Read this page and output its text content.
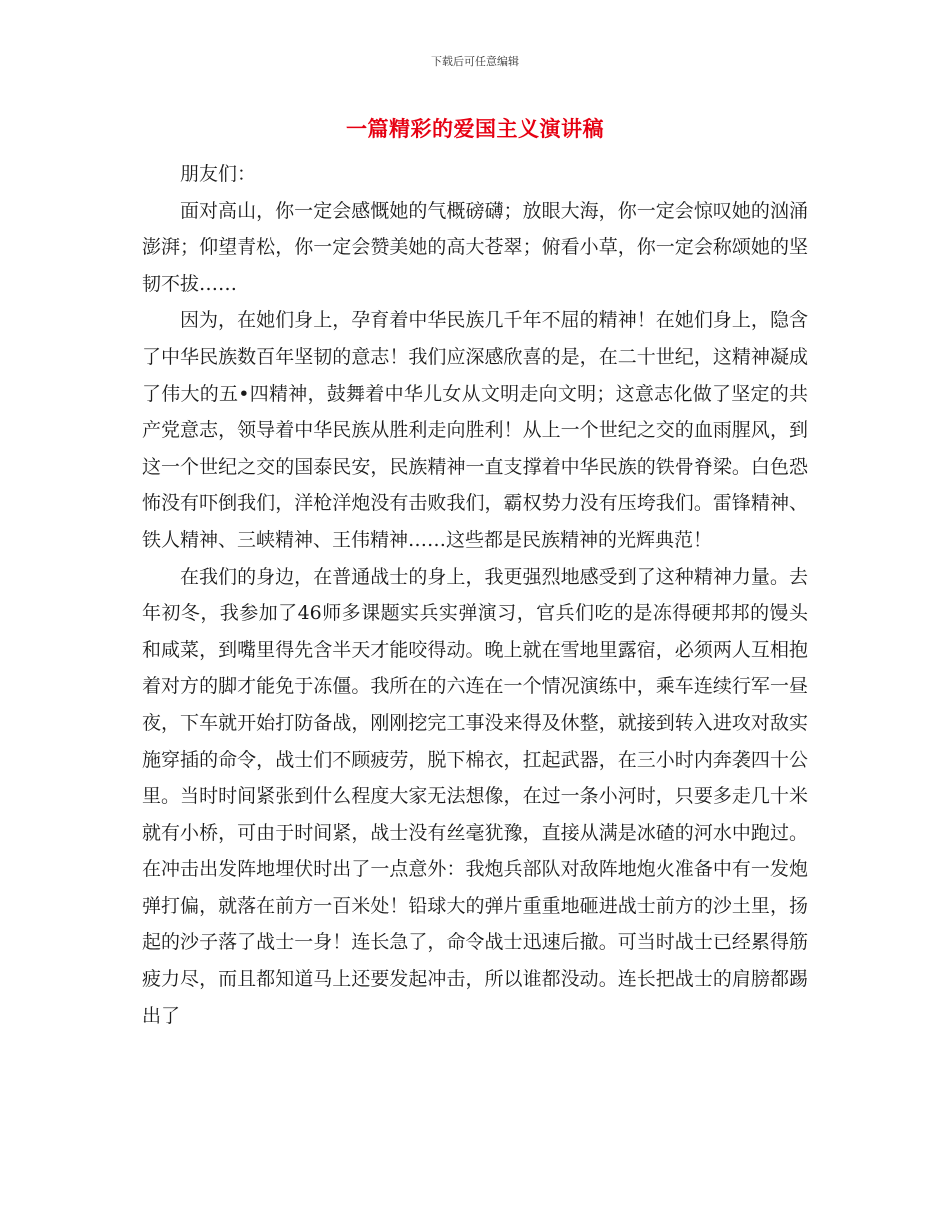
下载后可任意编辑
一篇精彩的爱国主义演讲稿

朋友们：

面对高山，你一定会感慨她的气概磅礴；放眼大海，你一定会惊叹她的汹涌澎湃；仰望青松，你一定会赞美她的高大苍翠；俯看小草，你一定会称颂她的坚韧不拔……

因为，在她们身上，孕育着中华民族几千年不屈的精神！在她们身上，隐含了中华民族数百年坚韧的意志！我们应深感欣喜的是，在二十世纪，这精神凝成了伟大的五•四精神，鼓舞着中华儿女从文明走向文明；这意志化做了坚定的共产党意志，领导着中华民族从胜利走向胜利！从上一个世纪之交的血雨腥风，到这一个世纪之交的国泰民安，民族精神一直支撑着中华民族的铁骨脊梁。白色恐怖没有吓倒我们，洋枪洋炮没有击败我们，霸权势力没有压垮我们。雷锋精神、铁人精神、三峡精神、王伟精神……这些都是民族精神的光辉典范！

在我们的身边，在普通战士的身上，我更强烈地感受到了这种精神力量。去年初冬，我参加了46师多课题实兵实弹演习，官兵们吃的是冻得硬邦邦的馒头和咸菜，到嘴里得先含半天才能咬得动。晚上就在雪地里露宿，必须两人互相抱着对方的脚才能免于冻僵。我所在的六连在一个情况演练中，乘车连续行军一昼夜，下车就开始打防备战，刚刚挖完工事没来得及休整，就接到转入进攻对敌实施穿插的命令，战士们不顾疲劳，脱下棉衣，扛起武器，在三小时内奔袭四十公里。当时时间紧张到什么程度大家无法想像，在过一条小河时，只要多走几十米就有小桥，可由于时间紧，战士没有丝毫犹豫，直接从满是冰碴的河水中跑过。在冲击出发阵地埋伏时出了一点意外：我炮兵部队对敌阵地炮火准备中有一发炮弹打偏，就落在前方一百米处！铅球大的弹片重重地砸进战士前方的沙土里，扬起的沙子落了战士一身！连长急了，命令战士迅速后撤。可当时战士已经累得筋疲力尽，而且都知道马上还要发起冲击，所以谁都没动。连长把战士的肩膀都踢出了
